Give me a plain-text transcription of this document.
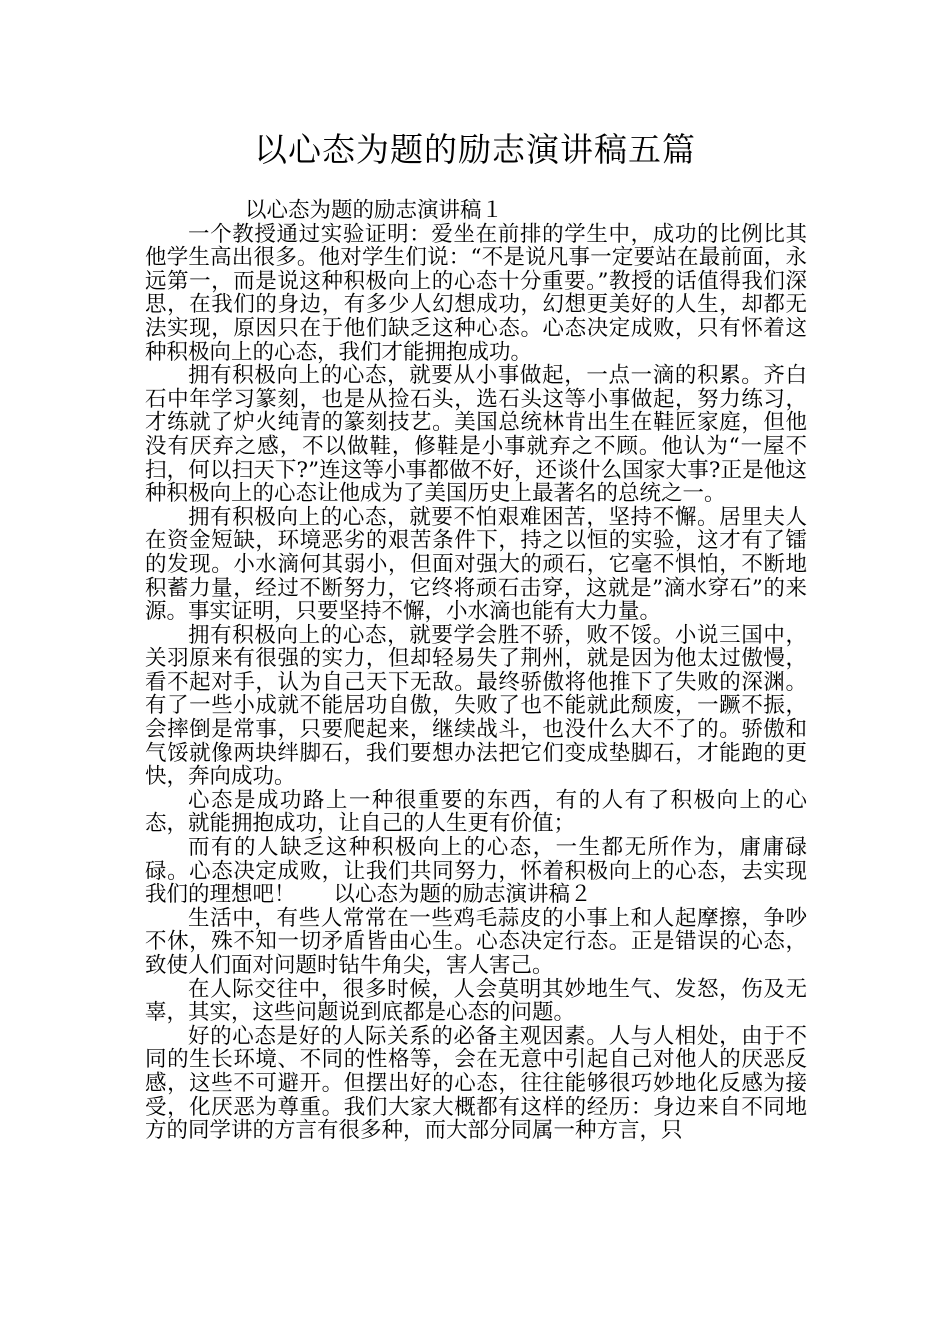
以心态为题的励志演讲稿五篇

以心态为题的励志演讲稿１

一个教授通过实验证明：爱坐在前排的学生中，成功的比例比其他学生高出很多。他对学生们说：“不是说凡事一定要站在最前面，永远第一，而是说这种积极向上的心态十分重要。”教授的话值得我们深思，在我们的身边，有多少人幻想成功，幻想更美好的人生，却都无法实现，原因只在于他们缺乏这种心态。心态决定成败，只有怀着这种积极向上的心态，我们才能拥抱成功。

拥有积极向上的心态，就要从小事做起，一点一滴的积累。齐白石中年学习篆刻，也是从捡石头，选石头这等小事做起，努力练习，才练就了炉火纯青的篆刻技艺。美国总统林肯出生在鞋匠家庭，但他没有厌弃之感，不以做鞋，修鞋是小事就弃之不顾。他认为“一屋不扫，何以扫天下?”连这等小事都做不好，还谈什么国家大事?正是他这种积极向上的心态让他成为了美国历史上最著名的总统之一。

拥有积极向上的心态，就要不怕艰难困苦，坚持不懈。居里夫人在资金短缺，环境恶劣的艰苦条件下，持之以恒的实验，这才有了镭的发现。小水滴何其弱小，但面对强大的顽石，它毫不惧怕，不断地积蓄力量，经过不断努力，它终将顽石击穿，这就是”滴水穿石”的来源。事实证明，只要坚持不懈，小水滴也能有大力量。

拥有积极向上的心态，就要学会胜不骄，败不馁。小说三国中，关羽原来有很强的实力，但却轻易失了荆州，就是因为他太过傲慢，看不起对手，认为自己天下无敌。最终骄傲将他推下了失败的深渊。有了一些小成就不能居功自傲，失败了也不能就此颓废，一蹶不振，会摔倒是常事，只要爬起来，继续战斗，也没什么大不了的。骄傲和气馁就像两块绊脚石，我们要想办法把它们变成垫脚石，才能跑的更快，奔向成功。

心态是成功路上一种很重要的东西，有的人有了积极向上的心态，就能拥抱成功，让自己的人生更有价值；

而有的人缺乏这种积极向上的心态，一生都无所作为，庸庸碌碌。心态决定成败，让我们共同努力，怀着积极向上的心态，去实现我们的理想吧！ 以心态为题的励志演讲稿２

生活中，有些人常常在一些鸡毛蒜皮的小事上和人起摩擦，争吵不休，殊不知一切矛盾皆由心生。心态决定行态。正是错误的心态，致使人们面对问题时钻牛角尖，害人害己。

在人际交往中，很多时候，人会莫明其妙地生气、发怒，伤及无辜，其实，这些问题说到底都是心态的问题。

好的心态是好的人际关系的必备主观因素。人与人相处，由于不同的生长环境、不同的性格等，会在无意中引起自己对他人的厌恶反感，这些不可避开。但摆出好的心态，往往能够很巧妙地化反感为接受，化厌恶为尊重。我们大家大概都有这样的经历：身边来自不同地方的同学讲的方言有很多种，而大部分同属一种方言，只
